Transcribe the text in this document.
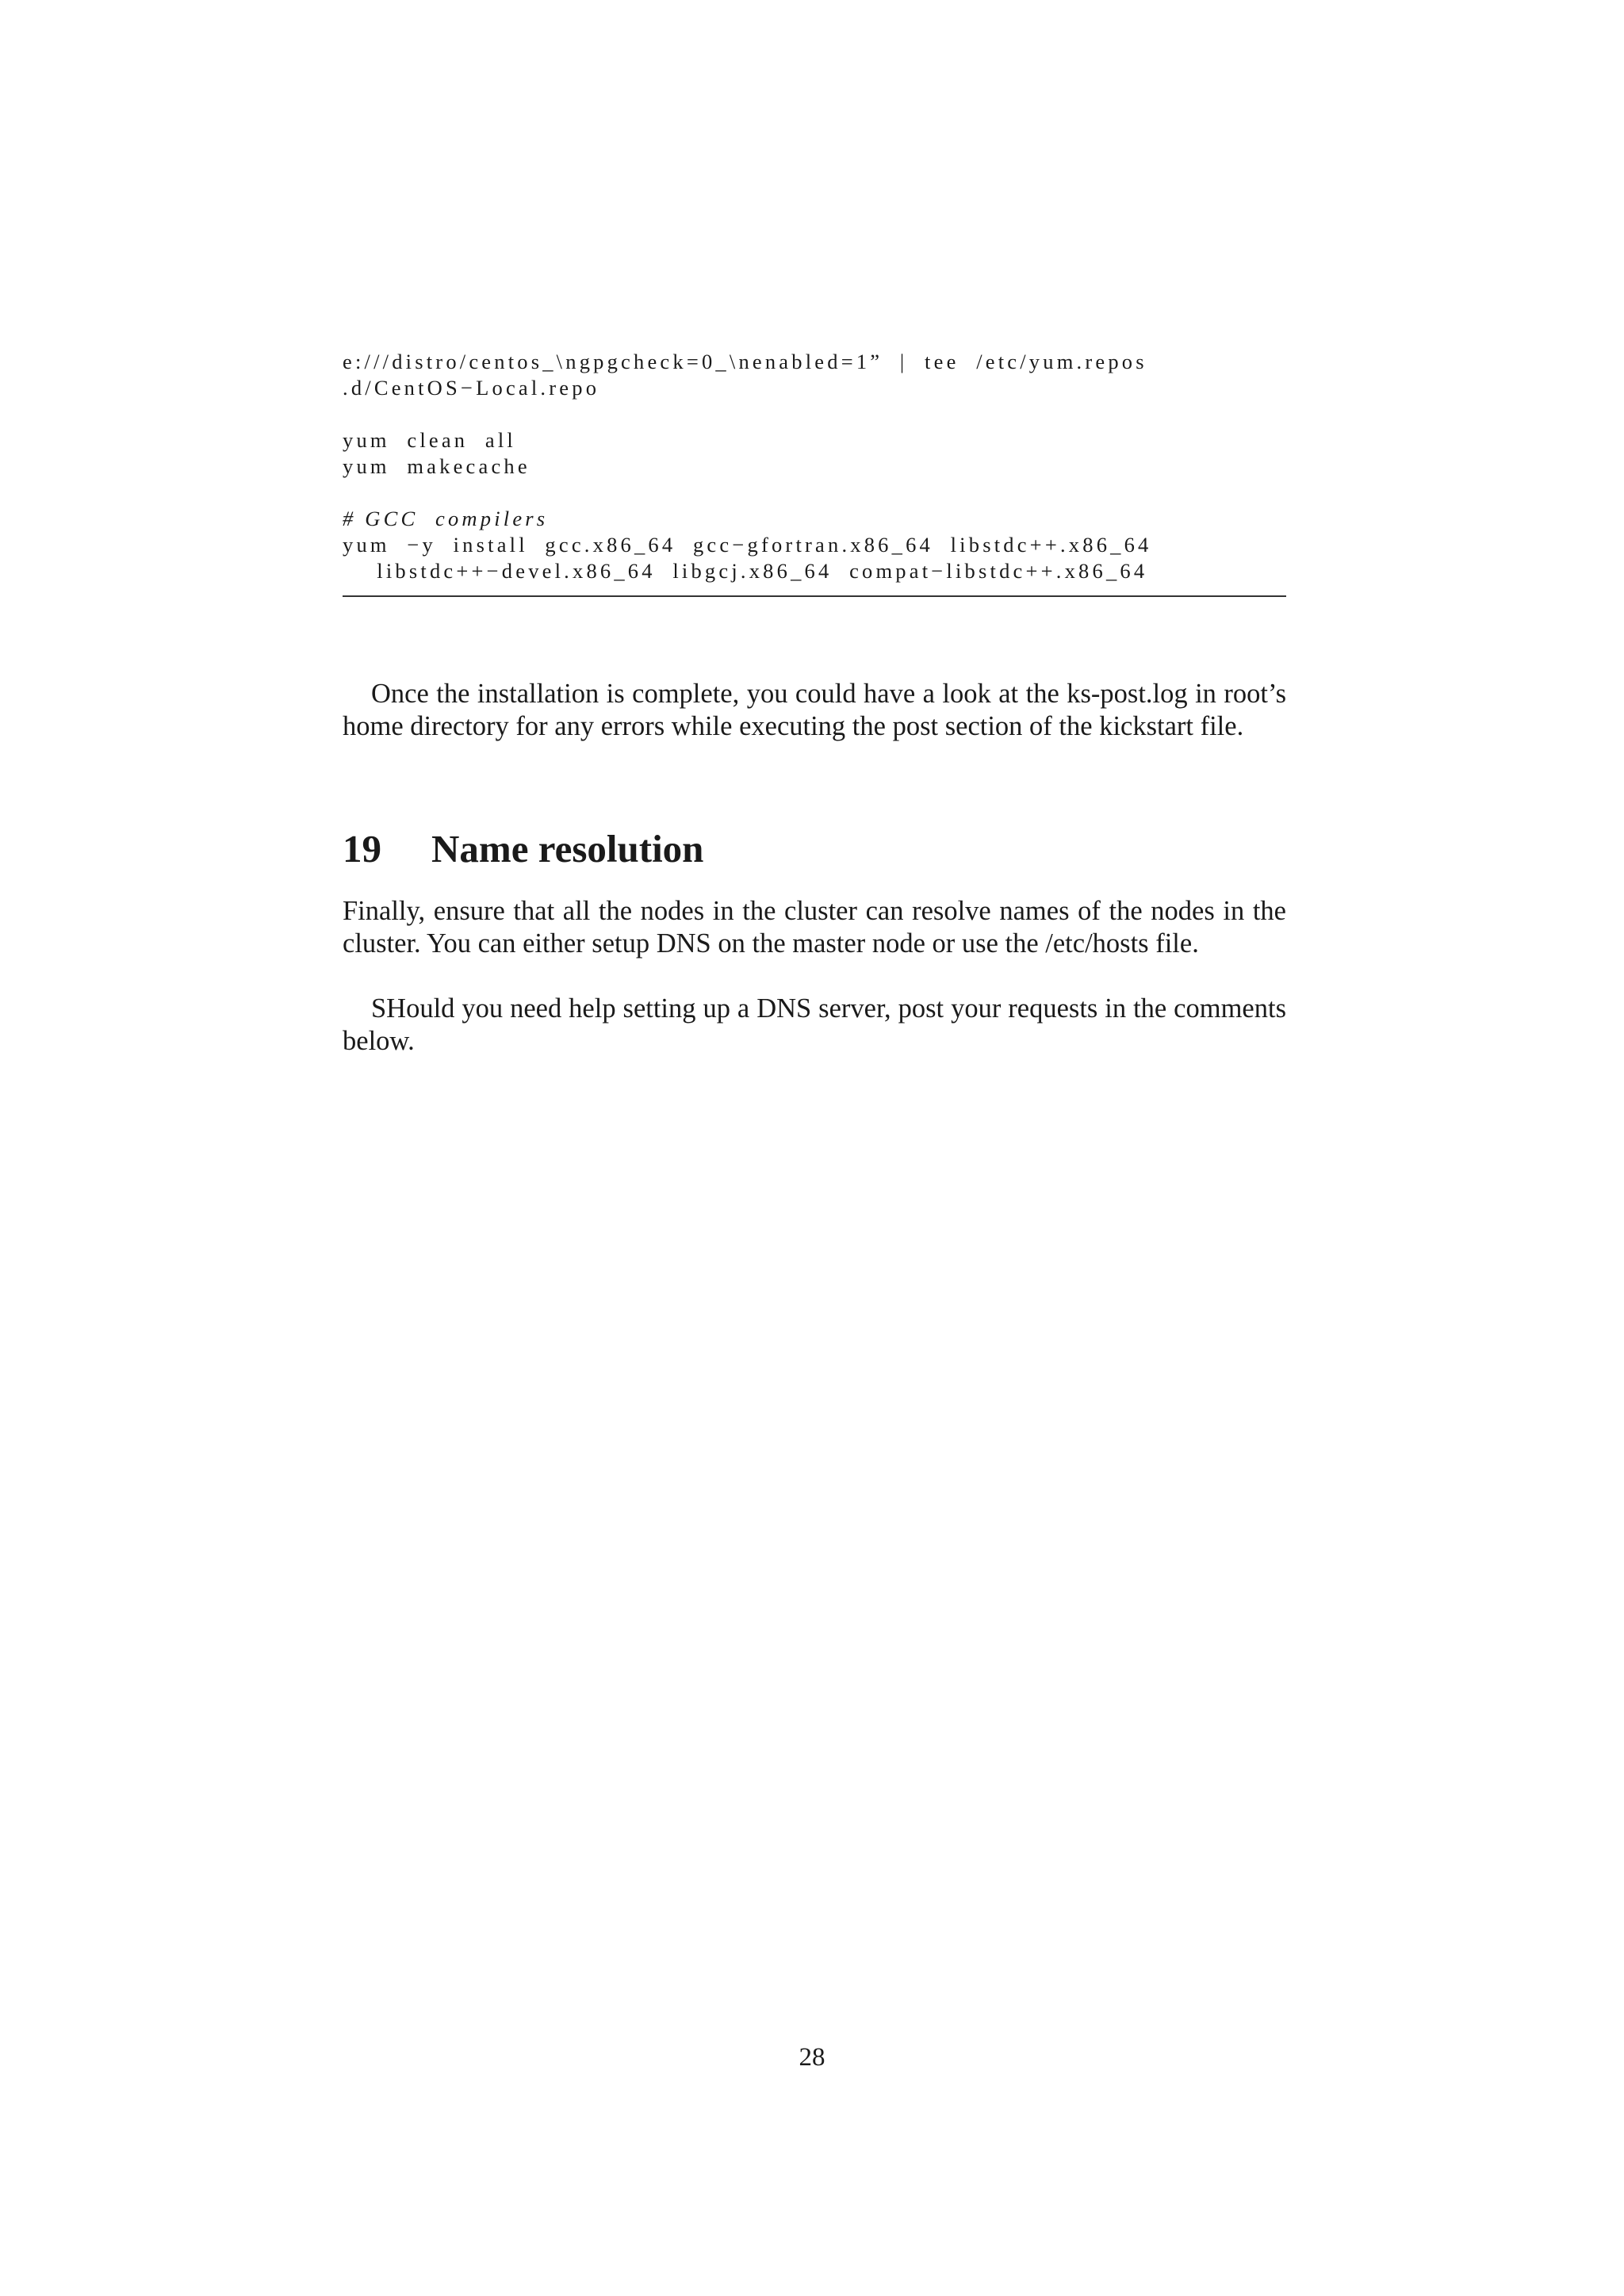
e:///distro/centos_\ngpgcheck=0_\nenabled=1”  |  tee  /etc/yum.repos
.d/CentOS−Local.repo
yum  clean  all
yum  makecache
# GCC  compilers
yum  −y  install  gcc.x86_64  gcc−gfortran.x86_64  libstdc++.x86_64
libstdc++−devel.x86_64  libgcj.x86_64  compat−libstdc++.x86_64

Once the installation is complete, you could have a look at the ks-post.log in root’s home directory for any errors while executing the post section of the kickstart file.

19 Name resolution

Finally, ensure that all the nodes in the cluster can resolve names of the nodes in the cluster. You can either setup DNS on the master node or use the /etc/hosts file.

SHould you need help setting up a DNS server, post your requests in the comments below.

28
